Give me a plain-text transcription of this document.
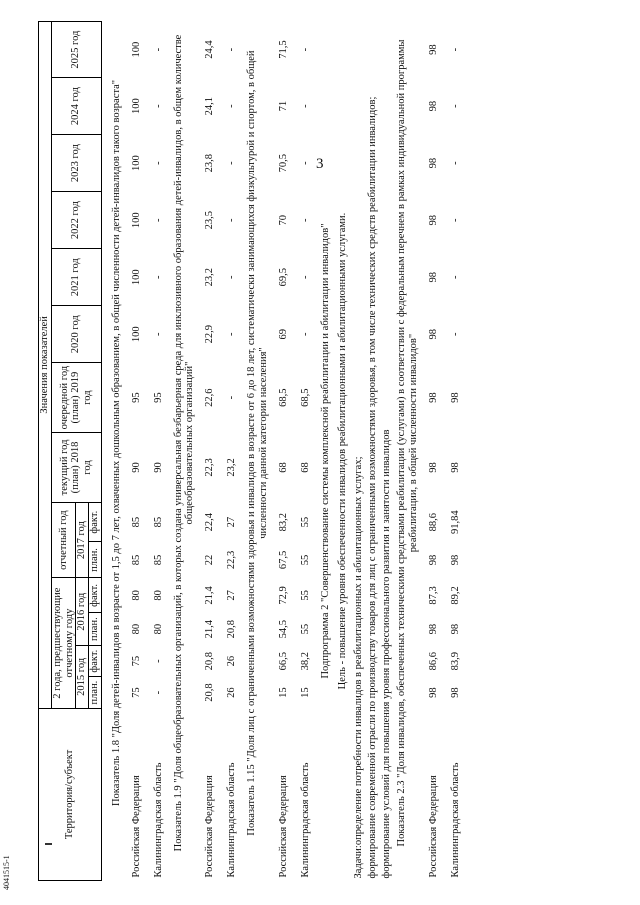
3
4041515-1
Территория/субъект	Значения показателей													
	2 года, предшествующие отчетному году				отчетный год		текущий год (план) 2018 год	очередной год (план) 2019 год	2020 год	2021 год	2022 год	2023 год	2024 год	2025 год
	2015 год		2016 год		2017 год									
	план.	факт.	план.	факт.	план.	факт.								

Показатель 1.8 "Доля детей-инвалидов в возрасте от 1,5 до 7 лет, охваченных дошкольным образованием, в общей численности детей-инвалидов такого возраста"														
Российская Федерация	75	75	80	80	85	85	90	95	100	100	100	100	100	100
Калининградская область	-	-	80	80	85	85	90	95	-	-	-	-	-	-
Показатель 1.9 "Доля общеобразовательных организаций, в которых создана универсальная безбарьерная среда для инклюзивного образования детей-инвалидов, в общем количестве общеобразовательных организаций"														
Российская Федерация	20,8	20,8	21,4	21,4	22	22,4	22,3	22,6	22,9	23,2	23,5	23,8	24,1	24,4
Калининградская область	26	26	20,8	27	22,3	27	23,2	-	-	-	-	-	-	-
Показатель 1.15 "Доля лиц с ограниченными возможностями здоровья и инвалидов в возрасте от 6 до 18 лет, систематически занимающихся физкультурой и спортом, в общей численности данной категории населения"														
Российская Федерация	15	66,5	54,5	72,9	67,5	83,2	68	68,5	69	69,5	70	70,5	71	71,5
Калининградская область	15	38,2	55	55	55	55	68	68,5	-	-	-	-	-	-
Подпрограмма 2 "Совершенствование системы комплексной реабилитации и абилитации инвалидов"														
Цель - повышение уровня обеспеченности инвалидов реабилитационными и абилитационными услугами.														
Задачи:определение потребности инвалидов в реабилитационных и абилитационных услугах;														
формирование современной отрасли по производству товаров для лиц с ограниченными возможностями здоровья, в том числе технических средств реабилитации инвалидов;														
формирование условий для повышения уровня профессионального развития и занятости инвалидов														
Показатель 2.3 "Доля инвалидов, обеспеченных техническими средствами реабилитации (услугами) в соответствии с федеральным перечнем в рамках индивидуальной программы реабилитации, в общей численности инвалидов"														
Российская Федерация	98	86,6	98	87,3	98	88,6	98	98	98	98	98	98	98	98
Калининградская область	98	83,9	98	89,2	98	91,84	98	98	-	-	-	-	-	-
